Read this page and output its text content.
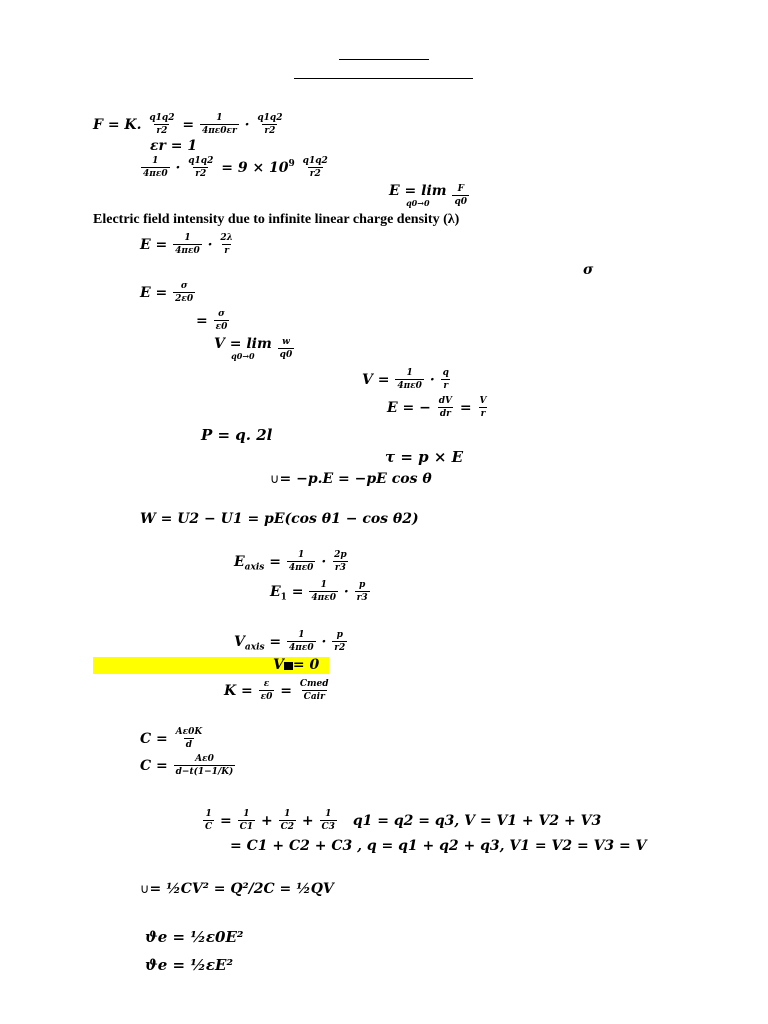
F = K. $\frac{q1q2}{r2} = \frac{1}{4\pi\varepsilon 0\varepsilon r} \cdot \frac{q1q2}{r2}$
εr = 1
$\frac{1}{4\pi\varepsilon 0} \cdot \frac{q1q2}{r2} = 9 \times 10^9 \frac{q1q2}{r2}$
E = lim
q0→0
	$\frac{F}{q0}$
Electric field intensity due to infinite linear charge density (λ)
$E = \frac{1}{4\pi\varepsilon 0} \cdot \frac{2\lambda}{r}$
σ
$E = \frac{\sigma}{2\varepsilon 0}$
= $\frac{\sigma}{\varepsilon 0}$
V = lim
q0→0
	$\frac{w}{q0}$
$V = \frac{1}{4\pi\varepsilon 0} \cdot \frac{q}{r}$
E = − $\frac{dV}{dr} = \frac{V}{r}$
P = q. 2l
τ = p × E
∪= −p.E = −pE cos θ
W = U2 − U1 = pE(cos θ1 − cos θ2)
$E_{axis} = \frac{1}{4\pi\varepsilon 0} \cdot \frac{2p}{r3}$
$E_1 = \frac{1}{4\pi\varepsilon 0} \cdot \frac{p}{r3}$
$V_{axis} = \frac{1}{4\pi\varepsilon 0} \cdot \frac{p}{r2}$
V = 0
$K = \frac{\varepsilon}{\varepsilon 0} = \frac{\text{Cmed}}{\text{Cair}}$
$C = \frac{A\varepsilon 0K}{d}$
$C = \frac{A\varepsilon 0}{d-t(1-1/K)}$
$\frac{1}{C} = \frac{1}{C1} + \frac{1}{C2} + \frac{1}{C3} q1 = q2 = q3$, V = V1 + V2 + V3
= C1 + C2 + C3 , q = q1 + q2 + q3, V1 = V2 = V3 = V
∪= ½CV² = Q²/2C = ½QV
ϑe = ½ε0E²
ϑe = ½εE²
